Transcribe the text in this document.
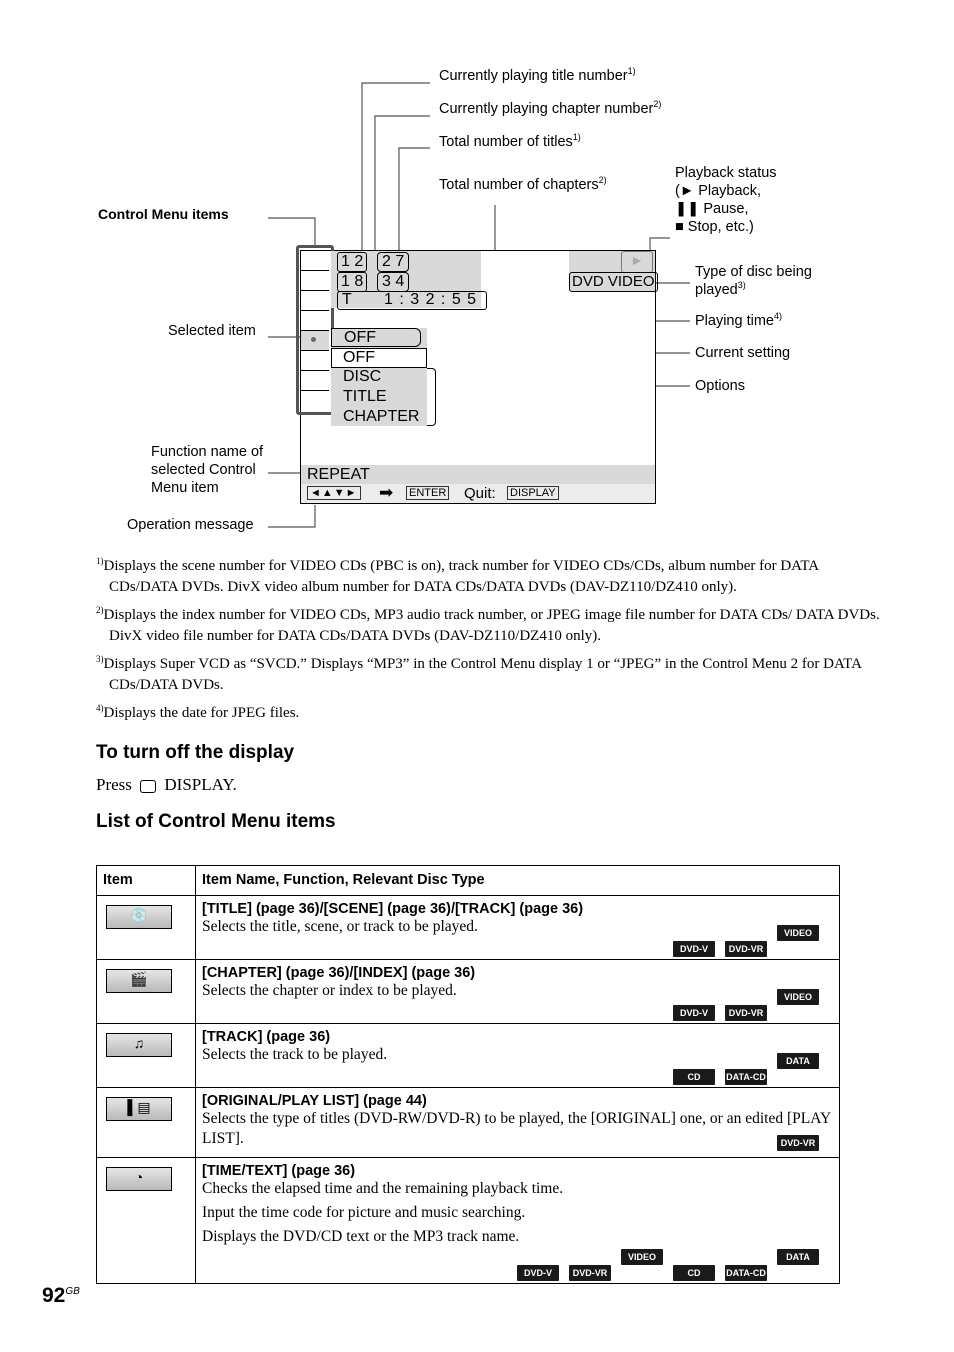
Currently playing title number$^{1)}$
Currently playing chapter number$^{2)}$
Total number of titles$^{1)}$
Total number of chapters$^{2)}$	Playback status
(► Playback,
❚❚ Pause,
■ Stop, etc.)
Type of disc being
played$^{3)}$
Playing time$^{4)}$
Current setting
Options
Control Menu items
Selected item
Function name of
selected Control
Menu item
Operation message
1 2	2 7
1 8	3 4
T 1 : 3 2 : 5 5
►
DVD VIDEO
OFF
OFF
DISC
TITLE
CHAPTER
REPEAT
◄▲▼► ➡ ENTER Quit: DISPLAY

$^{1)}$Displays the scene number for VIDEO CDs (PBC is on), track number for VIDEO CDs/CDs, album number for DATA CDs/DATA DVDs. DivX video album number for DATA CDs/DATA DVDs (DAV-DZ110/DZ410 only).

$^{2)}$Displays the index number for VIDEO CDs, MP3 audio track number, or JPEG image file number for DATA CDs/ DATA DVDs. DivX video file number for DATA CDs/DATA DVDs (DAV-DZ110/DZ410 only).

$^{3)}$Displays Super VCD as “SVCD.” Displays “MP3” in the Control Menu display 1 or “JPEG” in the Control Menu 2 for DATA CDs/DATA DVDs.

$^{4)}$Displays the date for JPEG files.

To turn off the display
Press DISPLAY.
List of Control Menu items
Item	Item Name, Function, Relevant Disc Type

💿	[TITLE] (page 36)/[SCENE] (page 36)/[TRACK] (page 36)
Selects the title, scene, or track to be played.
DVD-V DVD-VRVIDEO CD

🎬	[CHAPTER] (page 36)/[INDEX] (page 36)
Selects the chapter or index to be played.
DVD-V DVD-VRVIDEO CD

♫	[TRACK] (page 36)
Selects the track to be played.
CD DATA-CDDATA DVD

▌▤	[ORIGINAL/PLAY LIST] (page 44)
Selects the type of titles (DVD-RW/DVD-R) to be played, the [ORIGINAL] one, or an edited [PLAY LIST]. DVD-VR

◔	[TIME/TEXT] (page 36)
Checks the elapsed time and the remaining playback time.
Input the time code for picture and music searching.
Displays the DVD/CD text or the MP3 track name.
DVD-V DVD-VRVIDEO CD CD DATA-CDDATA DVD
$92^{GB}$
